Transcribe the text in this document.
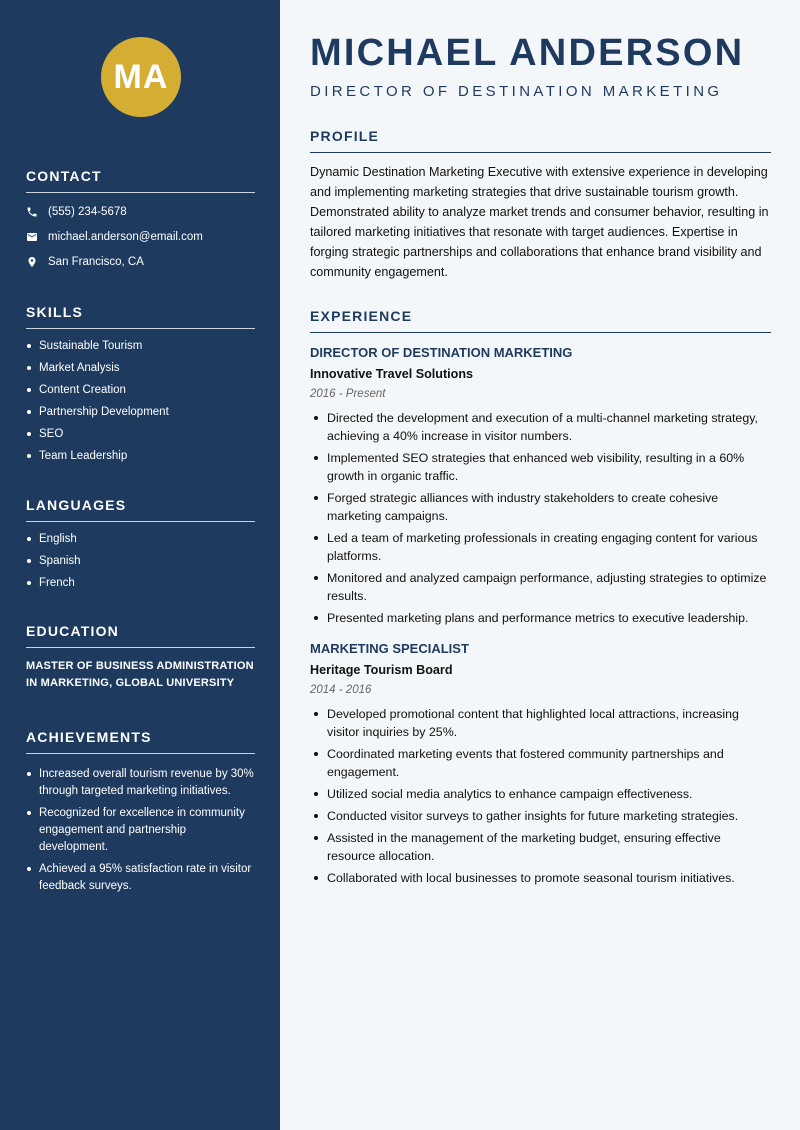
MA
CONTACT
(555) 234-5678
michael.anderson@email.com
San Francisco, CA
SKILLS
Sustainable Tourism
Market Analysis
Content Creation
Partnership Development
SEO
Team Leadership
LANGUAGES
English
Spanish
French
EDUCATION
MASTER OF BUSINESS ADMINISTRATION IN MARKETING, GLOBAL UNIVERSITY
ACHIEVEMENTS
Increased overall tourism revenue by 30% through targeted marketing initiatives.
Recognized for excellence in community engagement and partnership development.
Achieved a 95% satisfaction rate in visitor feedback surveys.
MICHAEL ANDERSON
DIRECTOR OF DESTINATION MARKETING
PROFILE
Dynamic Destination Marketing Executive with extensive experience in developing and implementing marketing strategies that drive sustainable tourism growth. Demonstrated ability to analyze market trends and consumer behavior, resulting in tailored marketing initiatives that resonate with target audiences. Expertise in forging strategic partnerships and collaborations that enhance brand visibility and community engagement.
EXPERIENCE
DIRECTOR OF DESTINATION MARKETING
Innovative Travel Solutions
2016 - Present
Directed the development and execution of a multi-channel marketing strategy, achieving a 40% increase in visitor numbers.
Implemented SEO strategies that enhanced web visibility, resulting in a 60% growth in organic traffic.
Forged strategic alliances with industry stakeholders to create cohesive marketing campaigns.
Led a team of marketing professionals in creating engaging content for various platforms.
Monitored and analyzed campaign performance, adjusting strategies to optimize results.
Presented marketing plans and performance metrics to executive leadership.
MARKETING SPECIALIST
Heritage Tourism Board
2014 - 2016
Developed promotional content that highlighted local attractions, increasing visitor inquiries by 25%.
Coordinated marketing events that fostered community partnerships and engagement.
Utilized social media analytics to enhance campaign effectiveness.
Conducted visitor surveys to gather insights for future marketing strategies.
Assisted in the management of the marketing budget, ensuring effective resource allocation.
Collaborated with local businesses to promote seasonal tourism initiatives.
